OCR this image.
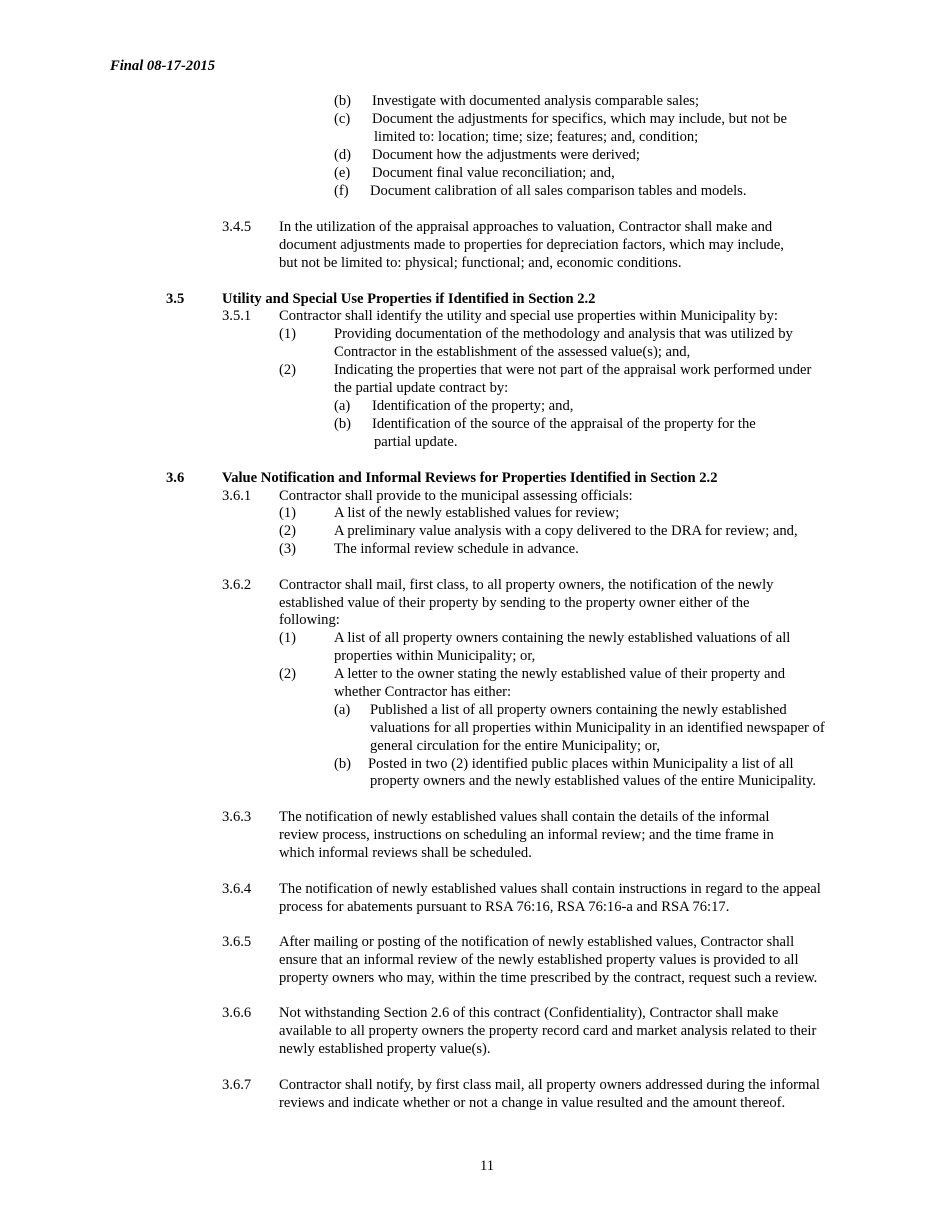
Final 08-17-2015
(b) Investigate with documented analysis comparable sales;
(c) Document the adjustments for specifics, which may include, but not be
limited to: location; time; size; features; and, condition;
(d) Document how the adjustments were derived;
(e) Document final value reconciliation; and,
(f) Document calibration of all sales comparison tables and models.
3.4.5 In the utilization of the appraisal approaches to valuation, Contractor shall make and
document adjustments made to properties for depreciation factors, which may include,
but not be limited to: physical; functional; and, economic conditions.
3.5	Utility and Special Use Properties if Identified in Section 2.2
3.5.1 Contractor shall identify the utility and special use properties within Municipality by:
(1)	Providing documentation of the methodology and analysis that was utilized by
Contractor in the establishment of the assessed value(s); and,
(2)	Indicating the properties that were not part of the appraisal work performed under
the partial update contract by:
(a) Identification of the property; and,
(b) Identification of the source of the appraisal of the property for the
partial update.
3.6	Value Notification and Informal Reviews for Properties Identified in Section 2.2
3.6.1 Contractor shall provide to the municipal assessing officials:
(1)	A list of the newly established values for review;
(2)	A preliminary value analysis with a copy delivered to the DRA for review; and,
(3)	The informal review schedule in advance.
3.6.2 Contractor shall mail, first class, to all property owners, the notification of the newly
established value of their property by sending to the property owner either of the
following:
(1)	A list of all property owners containing the newly established valuations of all
properties within Municipality; or,
(2)	A letter to the owner stating the newly established value of their property and
whether Contractor has either:
(a) Published a list of all property owners containing the newly established
valuations for all properties within Municipality in an identified newspaper of
general circulation for the entire Municipality; or,
(b) Posted in two (2) identified public places within Municipality a list of all
property owners and the newly established values of the entire Municipality.
3.6.3 The notification of newly established values shall contain the details of the informal
review process, instructions on scheduling an informal review; and the time frame in
which informal reviews shall be scheduled.
3.6.4 The notification of newly established values shall contain instructions in regard to the appeal
process for abatements pursuant to RSA 76:16, RSA 76:16-a and RSA 76:17.
3.6.5 After mailing or posting of the notification of newly established values, Contractor shall
ensure that an informal review of the newly established property values is provided to all
property owners who may, within the time prescribed by the contract, request such a review.
3.6.6 Not withstanding Section 2.6 of this contract (Confidentiality), Contractor shall make
available to all property owners the property record card and market analysis related to their
newly established property value(s).
3.6.7 Contractor shall notify, by first class mail, all property owners addressed during the informal
reviews and indicate whether or not a change in value resulted and the amount thereof.
11
